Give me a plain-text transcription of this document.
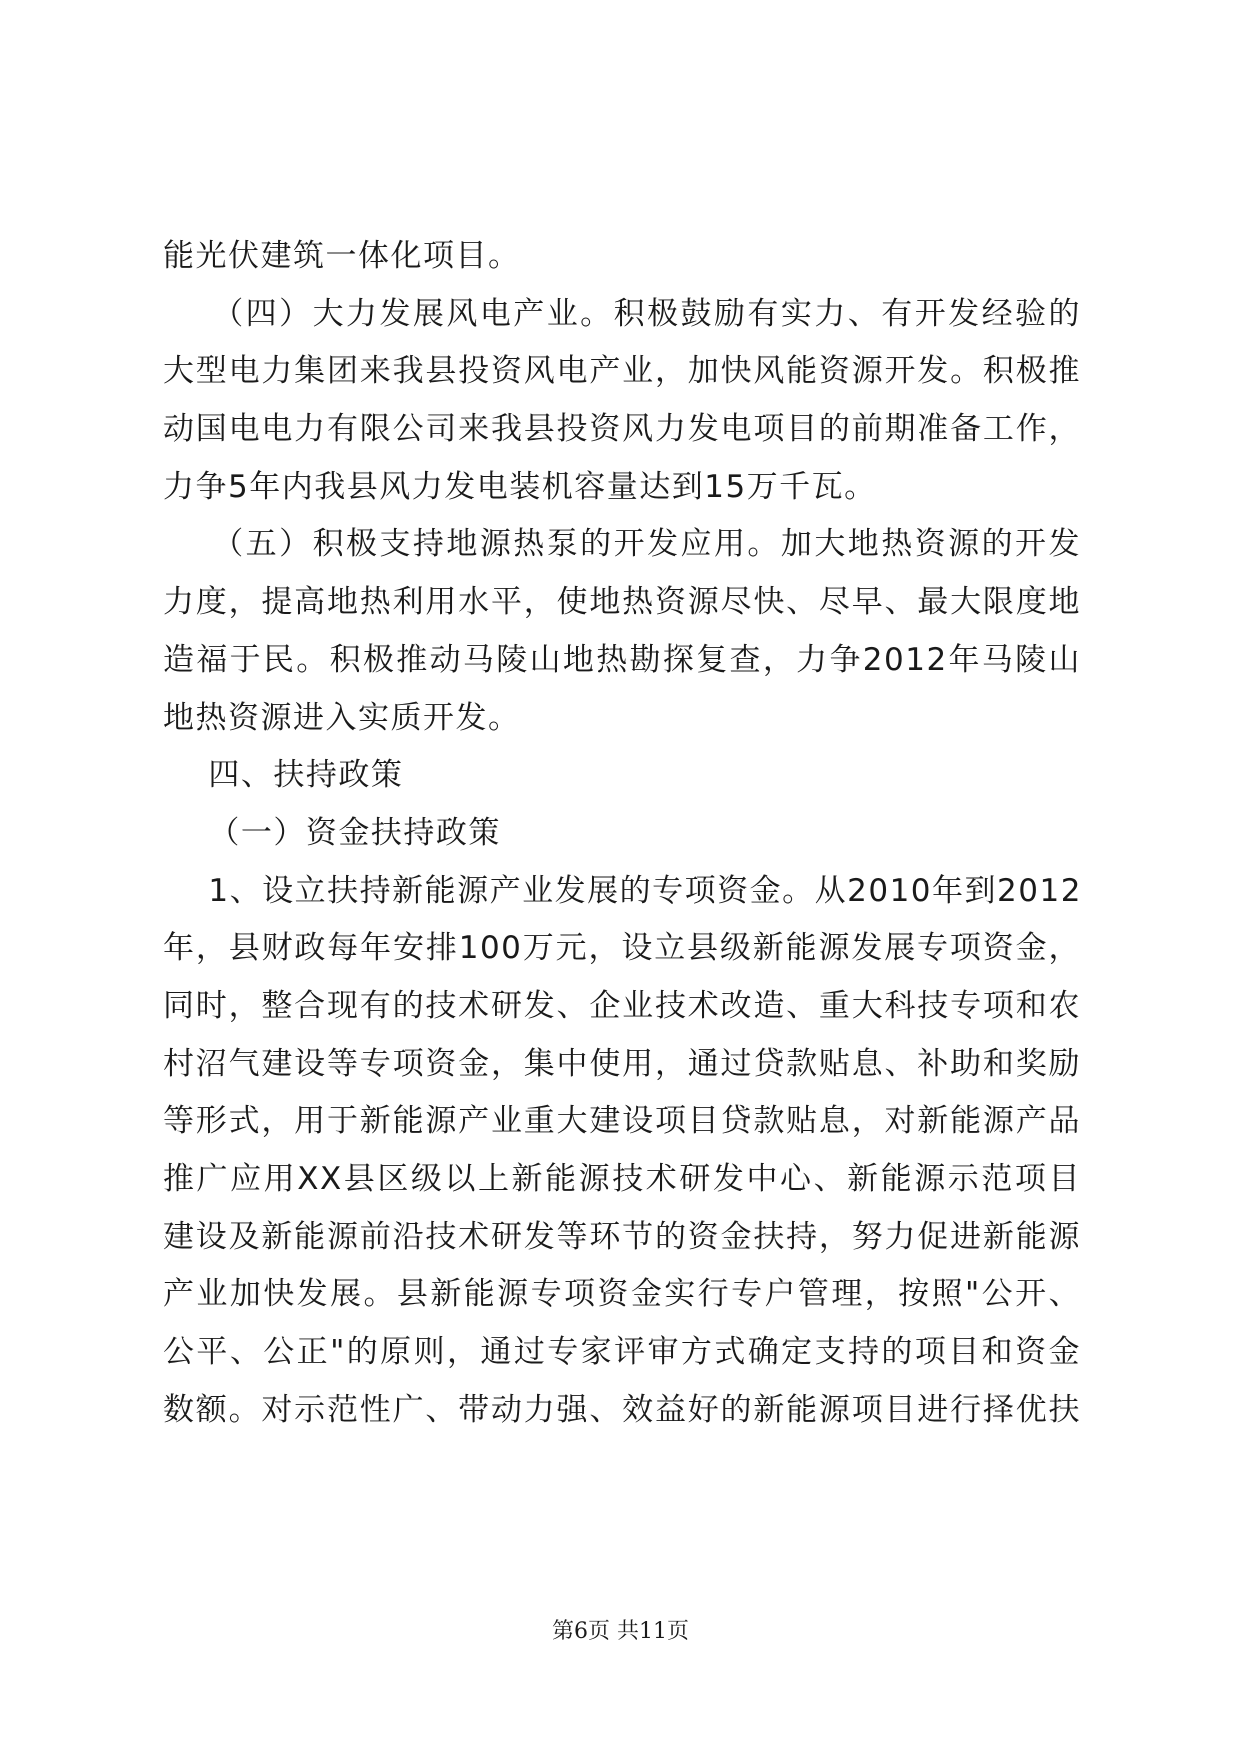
能光伏建筑一体化项目。
（四）大力发展风电产业。积极鼓励有实力、有开发经验的
大型电力集团来我县投资风电产业，加快风能资源开发。积极推
动国电电力有限公司来我县投资风力发电项目的前期准备工作，
力争5年内我县风力发电装机容量达到15万千瓦。
（五）积极支持地源热泵的开发应用。加大地热资源的开发
力度，提高地热利用水平，使地热资源尽快、尽早、最大限度地
造福于民。积极推动马陵山地热勘探复查，力争2012年马陵山
地热资源进入实质开发。
四、扶持政策
（一）资金扶持政策
1、设立扶持新能源产业发展的专项资金。从2010年到2012
年，县财政每年安排100万元，设立县级新能源发展专项资金，
同时，整合现有的技术研发、企业技术改造、重大科技专项和农
村沼气建设等专项资金，集中使用，通过贷款贴息、补助和奖励
等形式，用于新能源产业重大建设项目贷款贴息，对新能源产品
推广应用XX县区级以上新能源技术研发中心、新能源示范项目
建设及新能源前沿技术研发等环节的资金扶持，努力促进新能源
产业加快发展。县新能源专项资金实行专户管理，按照"公开、
公平、公正"的原则，通过专家评审方式确定支持的项目和资金
数额。对示范性广、带动力强、效益好的新能源项目进行择优扶
第6页 共11页
